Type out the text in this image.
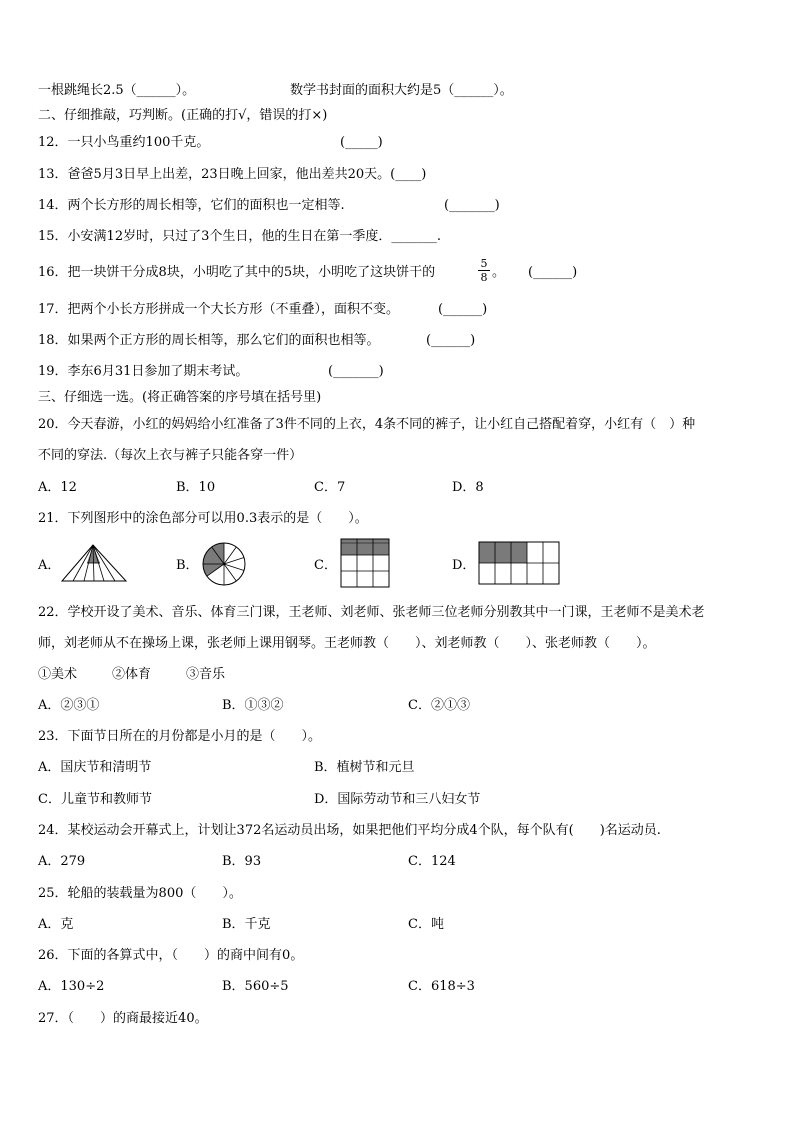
一根跳绳长2.5（______）。	数学书封面的面积大约是5（______）。
二、仔细推敲，巧判断。(正确的打√，错误的打×)
12．一只小鸟重约100千克。	(_____)
13．爸爸5月3日早上出差，23日晚上回家，他出差共20天。(____)
14．两个长方形的周长相等，它们的面积也一定相等.	(_______)
15．小安满12岁时，只过了3个生日，他的生日在第一季度．_______.
16．把一块饼干分成8块，小明吃了其中的5块，小明吃了这块饼干的
5
8 。 (______)
17．把两个小长方形拼成一个大长方形（不重叠），面积不变。	(______)
18．如果两个正方形的周长相等，那么它们的面积也相等。	(______)
19．李东6月31日参加了期末考试。	(_______)
三、仔细选一选。(将正确答案的序号填在括号里)
20．今天春游，小红的妈妈给小红准备了3件不同的上衣，4条不同的裤子，让小红自己搭配着穿，小红有（　）种
不同的穿法.（每次上衣与裤子只能各穿一件）
A．12	B．10	C．7	D．8
21．下列图形中的涂色部分可以用0.3表示的是（　　）。
A．	B．	C．	D．
22．学校开设了美术、音乐、体育三门课，王老师、刘老师、张老师三位老师分别教其中一门课，王老师不是美术老
师，刘老师从不在操场上课，张老师上课用钢琴。王老师教（　　）、刘老师教（　　）、张老师教（　　）。
①美术	②体育	③音乐
A．②③①	B．①③②	C．②①③
23．下面节日所在的月份都是小月的是（　　）。
A．国庆节和清明节	B．植树节和元旦
C．儿童节和教师节	D．国际劳动节和三八妇女节
24．某校运动会开幕式上，计划让372名运动员出场，如果把他们平均分成4个队，每个队有(　　)名运动员.
A．279	B．93	C．124
25．轮船的装载量为800（　　）。
A．克	B．千克	C．吨
26．下面的各算式中，（　　）的商中间有0。
A．130÷2	B．560÷5	C．618÷3
27．（　　）的商最接近40。
